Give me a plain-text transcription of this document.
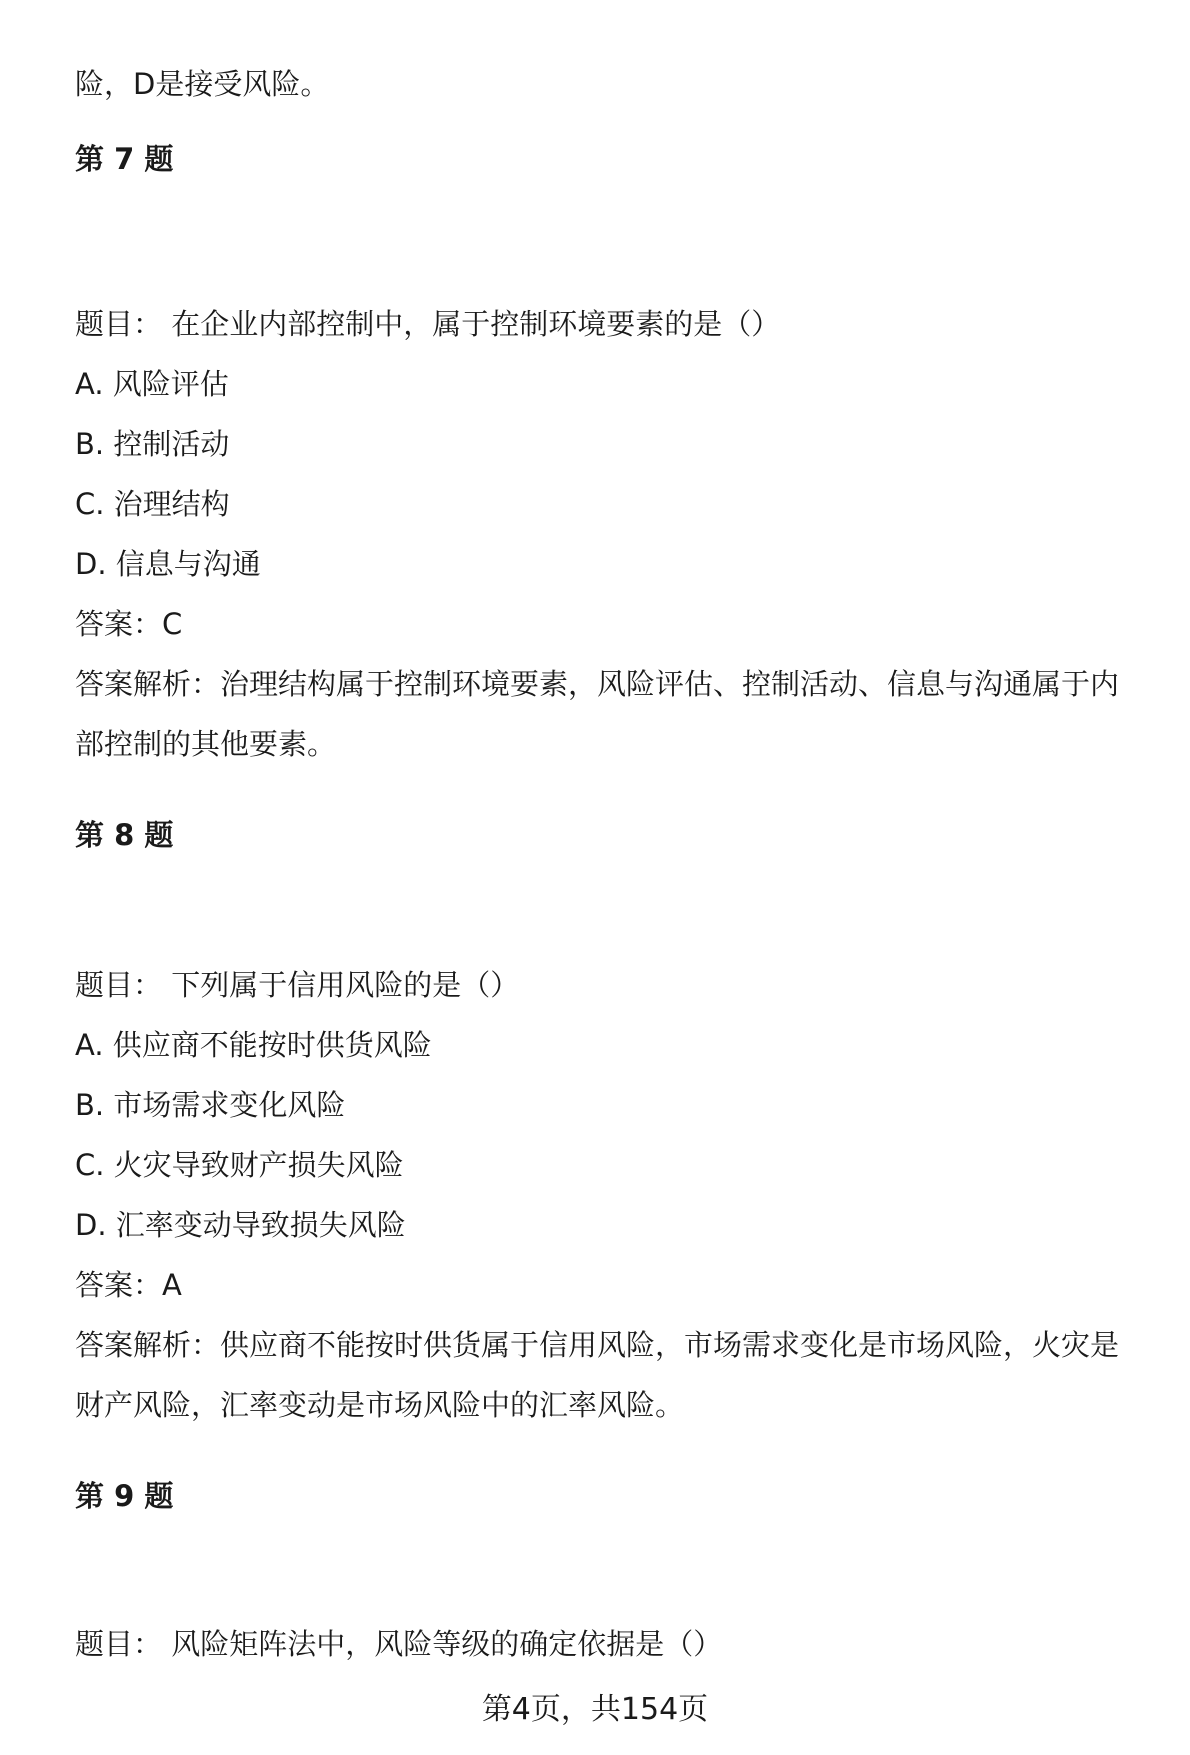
险，D是接受风险。
第 7 题
题目： 在企业内部控制中，属于控制环境要素的是（）
A. 风险评估
B. 控制活动
C. 治理结构
D. 信息与沟通
答案：C
答案解析：治理结构属于控制环境要素，风险评估、控制活动、信息与沟通属于内
部控制的其他要素。
第 8 题
题目： 下列属于信用风险的是（）
A. 供应商不能按时供货风险
B. 市场需求变化风险
C. 火灾导致财产损失风险
D. 汇率变动导致损失风险
答案：A
答案解析：供应商不能按时供货属于信用风险，市场需求变化是市场风险，火灾是
财产风险，汇率变动是市场风险中的汇率风险。
第 9 题
题目： 风险矩阵法中，风险等级的确定依据是（）
第4页，共154页
